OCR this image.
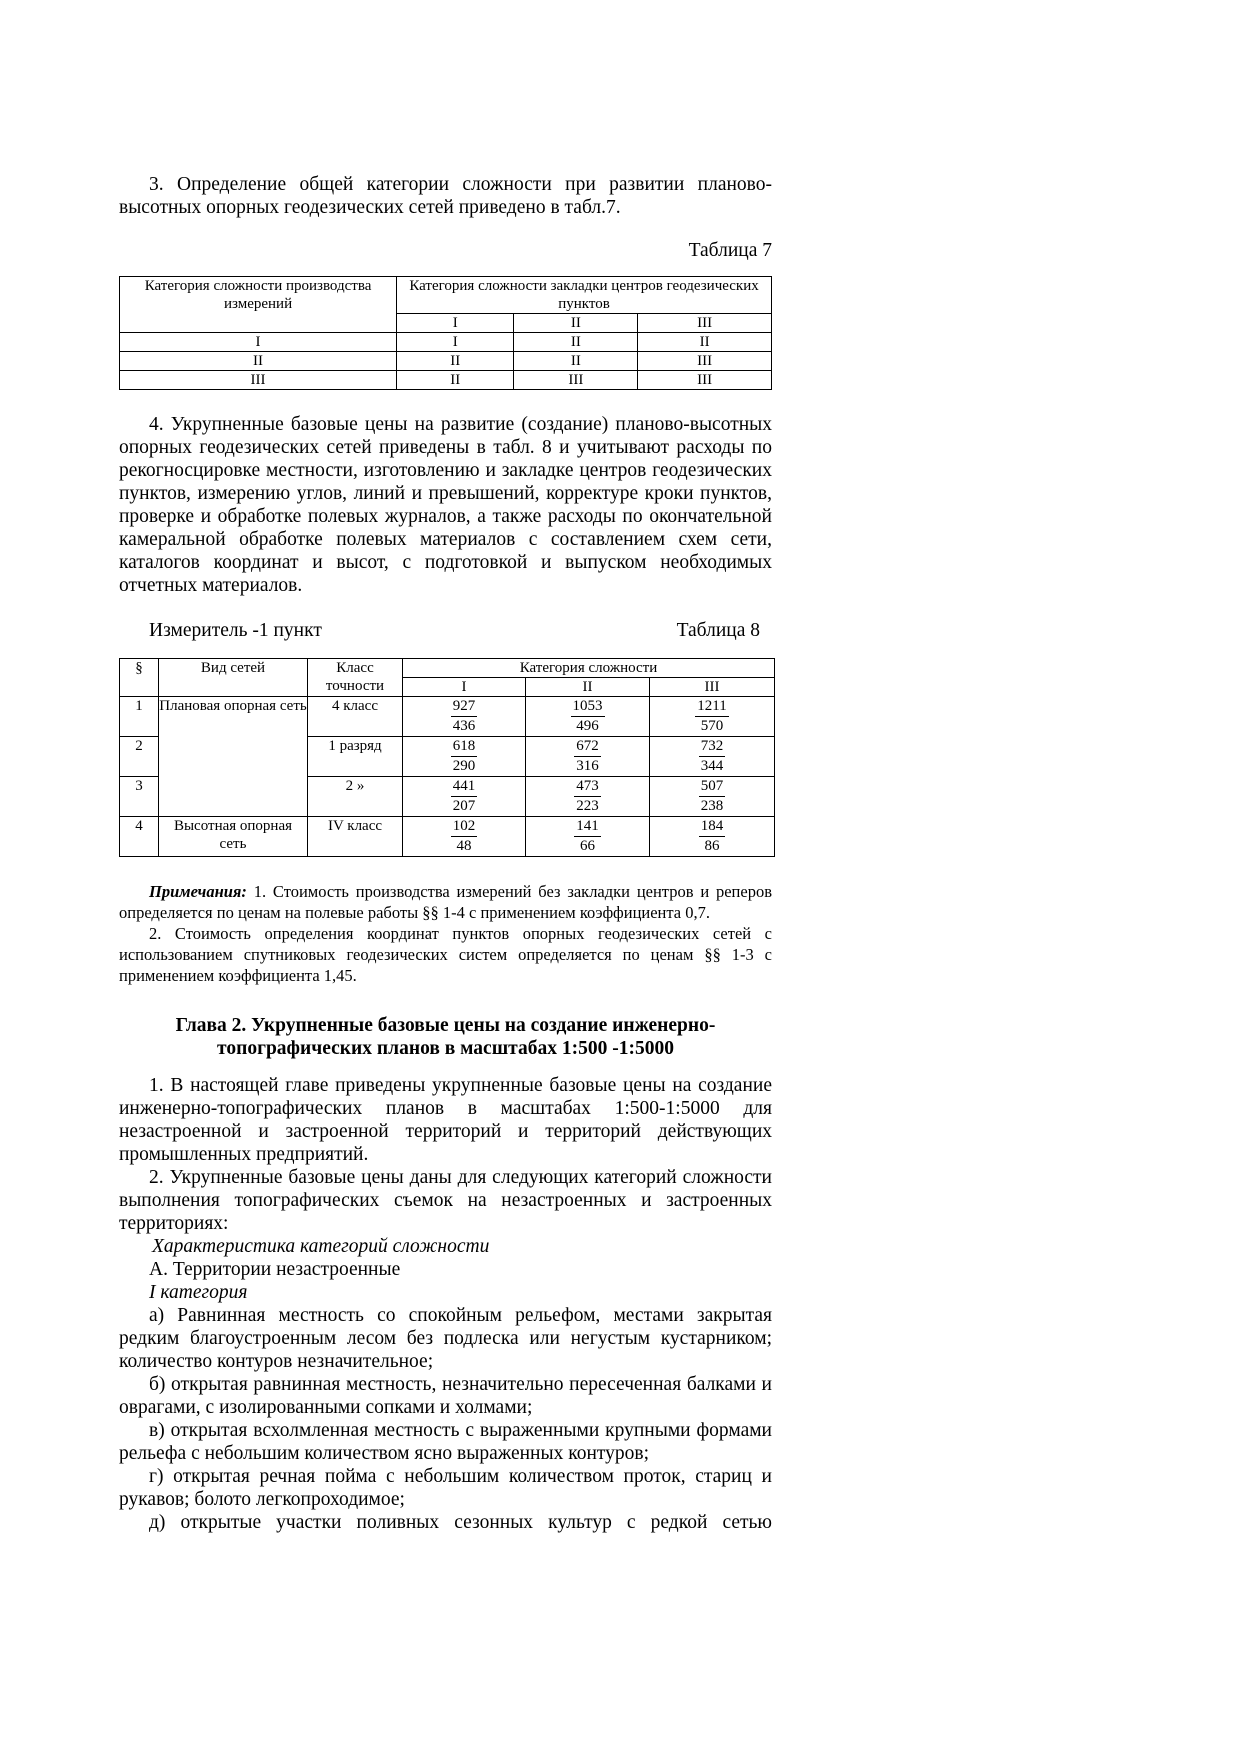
3. Определение общей категории сложности при развитии планово-высотных опорных геодезических сетей приведено в табл.7.

Таблица 7
Категория сложности производства измерений	Категория сложности закладки центров геодезических пунктов		
	I	II	III
I	I	II	II
II	II	II	III
III	II	III	III

4. Укрупненные базовые цены на развитие (создание) планово-высотных опорных геодезических сетей приведены в табл. 8 и учитывают расходы по рекогносцировке местности, изготовлению и закладке центров геодезических пунктов, измерению углов, линий и превышений, корректуре кроки пунктов, проверке и обработке полевых журналов, а также расходы по окончательной камеральной обработке полевых материалов с составлением схем сети, каталогов координат и высот, с подготовкой и выпуском необходимых отчетных материалов.

Измеритель -1 пункт	Таблица 8
§	Вид сетей	Класс точности	Категория сложности		
			I	II	III
1	Плановая опорная сеть	4 класс	$\frac{927}{436}$	$\frac{1053}{496}$	$\frac{1211}{570}$

2		1 разряд	$\frac{618}{290}$	$\frac{672}{316}$	$\frac{732}{344}$

3		2 »	$\frac{441}{207}$	$\frac{473}{223}$	$\frac{507}{238}$

4	Высотная опорная сеть	IV класс	$\frac{102}{48}$	$\frac{141}{66}$	$\frac{184}{86}$

Примечания: 1. Стоимость производства измерений без закладки центров и реперов определяется по ценам на полевые работы §§ 1-4 с применением коэффициента 0,7.

2. Стоимость определения координат пунктов опорных геодезических сетей с использованием спутниковых геодезических систем определяется по ценам §§ 1-3 с применением коэффициента 1,45.

Глава 2. Укрупненные базовые цены на создание инженерно-

топографических планов в масштабах 1:500 -1:5000

1. В настоящей главе приведены укрупненные базовые цены на создание инженерно-топографических планов в масштабах 1:500-1:5000 для незастроенной и застроенной территорий и территорий действующих промышленных предприятий.

2. Укрупненные базовые цены даны для следующих категорий сложности выполнения топографических съемок на незастроенных и застроенных территориях:

Характеристика категорий сложности

А. Территории незастроенные

I категория

а) Равнинная местность со спокойным рельефом, местами закрытая редким благоустроенным лесом без подлеска или негустым кустарником; количество контуров незначительное;

б) открытая равнинная местность, незначительно пересеченная балками и оврагами, с изолированными сопками и холмами;

в) открытая всхолмленная местность с выраженными крупными формами рельефа с небольшим количеством ясно выраженных контуров;

г) открытая речная пойма с небольшим количеством проток, стариц и рукавов; болото легкопроходимое;

д) открытые участки поливных сезонных культур с редкой сетью
